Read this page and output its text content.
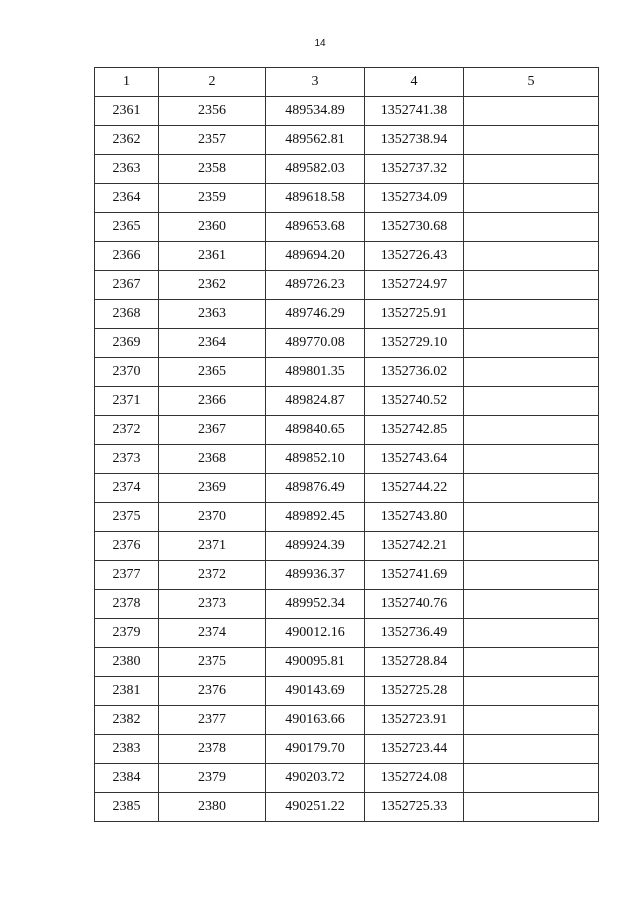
14
1	2	3	4	5
2361	2356	489534.89	1352741.38	
2362	2357	489562.81	1352738.94	
2363	2358	489582.03	1352737.32	
2364	2359	489618.58	1352734.09	
2365	2360	489653.68	1352730.68	
2366	2361	489694.20	1352726.43	
2367	2362	489726.23	1352724.97	
2368	2363	489746.29	1352725.91	
2369	2364	489770.08	1352729.10	
2370	2365	489801.35	1352736.02	
2371	2366	489824.87	1352740.52	
2372	2367	489840.65	1352742.85	
2373	2368	489852.10	1352743.64	
2374	2369	489876.49	1352744.22	
2375	2370	489892.45	1352743.80	
2376	2371	489924.39	1352742.21	
2377	2372	489936.37	1352741.69	
2378	2373	489952.34	1352740.76	
2379	2374	490012.16	1352736.49	
2380	2375	490095.81	1352728.84	
2381	2376	490143.69	1352725.28	
2382	2377	490163.66	1352723.91	
2383	2378	490179.70	1352723.44	
2384	2379	490203.72	1352724.08	
2385	2380	490251.22	1352725.33	
